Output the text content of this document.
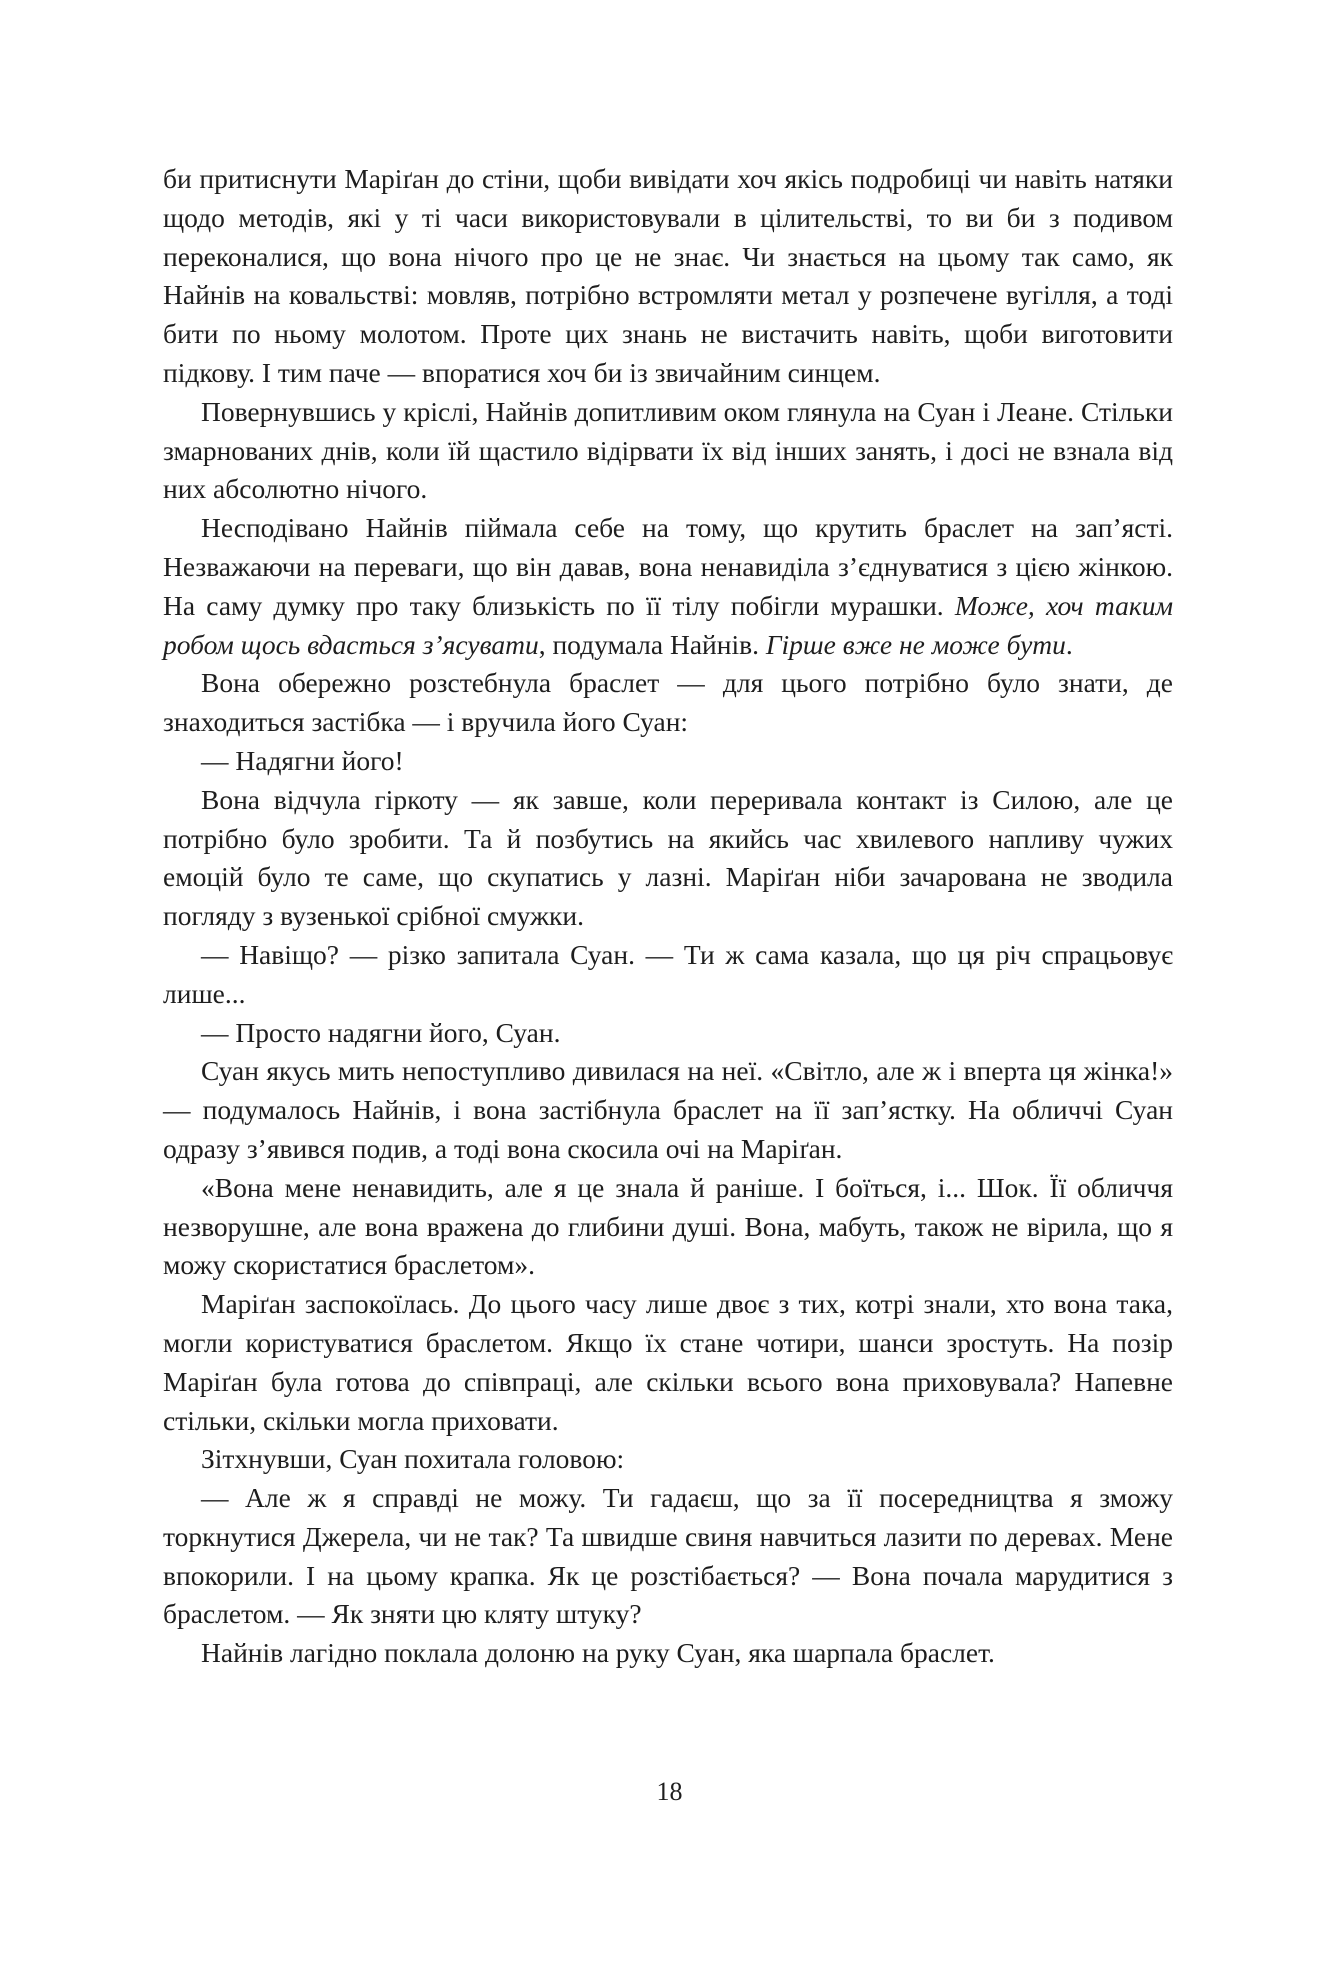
би притиснути Маріґан до стіни, щоби вивідати хоч якісь подробиці чи навіть натяки щодо методів, які у ті часи використовували в цілительстві, то ви би з подивом переконалися, що вона нічого про це не знає. Чи знається на цьому так само, як Найнів на ковальстві: мовляв, потрібно встромляти метал у розпечене вугілля, а тоді бити по ньому молотом. Проте цих знань не вистачить навіть, щоби виготовити підкову. І тим паче — впоратися хоч би із звичайним синцем.

Повернувшись у кріслі, Найнів допитливим оком глянула на Суан і Леане. Стільки змарнованих днів, коли їй щастило відірвати їх від інших занять, і досі не взнала від них абсолютно нічого.

Несподівано Найнів піймала себе на тому, що крутить браслет на зап’ясті. Незважаючи на переваги, що він давав, вона ненавиділа з’єднуватися з цією жінкою. На саму думку про таку близькість по її тілу побігли мурашки. Може, хоч таким робом щось вдасться з’ясувати, подумала Найнів. Гірше вже не може бути.

Вона обережно розстебнула браслет — для цього потрібно було знати, де знаходиться застібка — і вручила його Суан:

— Надягни його!

Вона відчула гіркоту — як завше, коли переривала контакт із Силою, але це потрібно було зробити. Та й позбутись на якийсь час хвилевого напливу чужих емоцій було те саме, що скупатись у лазні. Маріґан ніби зачарована не зводила погляду з вузенької срібної смужки.

— Навіщо? — різко запитала Суан. — Ти ж сама казала, що ця річ спрацьовує лише...

— Просто надягни його, Суан.

Суан якусь мить непоступливо дивилася на неї. «Світло, але ж і вперта ця жінка!» — подумалось Найнів, і вона застібнула браслет на її зап’ястку. На обличчі Суан одразу з’явився подив, а тоді вона скосила очі на Маріґан.

«Вона мене ненавидить, але я це знала й раніше. І боїться, і... Шок. Її обличчя незворушне, але вона вражена до глибини душі. Вона, мабуть, також не вірила, що я можу скористатися браслетом».

Маріґан заспокоїлась. До цього часу лише двоє з тих, котрі знали, хто вона така, могли користуватися браслетом. Якщо їх стане чотири, шанси зростуть. На позір Маріґан була готова до співпраці, але скільки всього вона приховувала? Напевне стільки, скільки могла приховати.

Зітхнувши, Суан похитала головою:

— Але ж я справді не можу. Ти гадаєш, що за її посередництва я зможу торкнутися Джерела, чи не так? Та швидше свиня навчиться лазити по деревах. Мене впокорили. І на цьому крапка. Як це розстібається? — Вона почала марудитися з браслетом. — Як зняти цю кляту штуку?

Найнів лагідно поклала долоню на руку Суан, яка шарпала браслет.

18
